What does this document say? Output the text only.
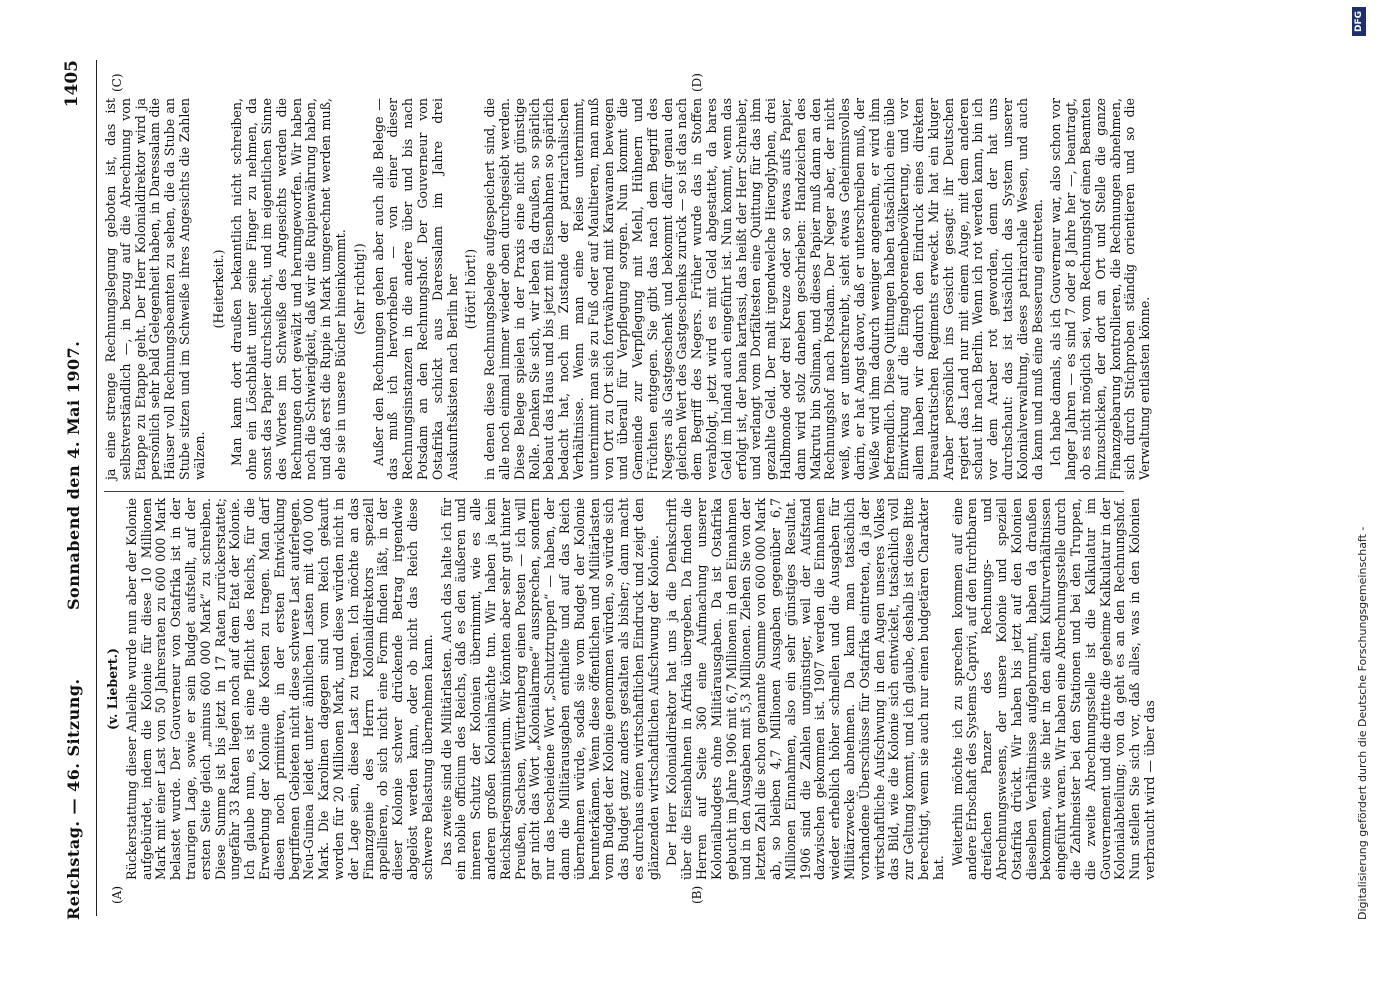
Reichstag. — 46. Sitzung.
Sonnabend den 4. Mai 1907.
1405
(A)	(B)
(C)	(D)

(v. Liebert.) Rückerstattung dieser Anleihe wurde nun aber der Kolonie aufgebürdet, indem die Kolonie für diese 10 Millionen Mark mit einer Last von 50 Jahresraten zu 600 000 Mark belastet wurde. Der Gouverneur von Ostafrika ist in der traurigen Lage, sowie er sein Budget aufstellt, auf der ersten Seite gleich „minus 600 000 Mark“ zu schreiben. Diese Summe ist bis jetzt in 17 Raten zurückerstattet; ungefähr 33 Raten liegen noch auf dem Etat der Kolonie. Ich glaube nun, es ist eine Pflicht des Reichs, für die Erwerbung der Kolonie die Kosten zu tragen. Man darf diesen noch primitiven, in der ersten Entwicklung begriffenen Gebieten nicht diese schwere Last auferlegen. Neu-Guinea leidet unter ähnlichen Lasten mit 400 000 Mark. Die Karolinen dagegen sind vom Reich gekauft worden für 20 Millionen Mark, und diese würden nicht in der Lage sein, diese Last zu tragen. Ich möchte an das Finanzgenie des Herrn Kolonialdirektors speziell appellieren, ob sich nicht eine Form finden läßt, in der dieser Kolonie schwer drückende Betrag irgendwie abgelöst werden kann, oder ob nicht das Reich diese schwere Belastung übernehmen kann. Das zweite sind die Militärlasten. Auch das halte ich für ein nobile officium des Reichs, daß es den äußeren und inneren Schutz der Kolonien übernimmt, wie es alle anderen großen Kolonialmächte tun. Wir haben ja kein Reichskriegsministerium. Wir könnten aber sehr gut hinter Preußen, Sachsen, Württemberg einen Posten — ich will gar nicht das Wort „Kolonialarmee“ aussprechen, sondern nur das bescheidene Wort „Schutztruppen“ — haben, der dann die Militärausgaben enthielte und auf das Reich übernehmen würde, sodaß sie vom Budget der Kolonie herunterkämen. Wenn diese öffentlichen und Militärlasten vom Budget der Kolonie genommen würden, so würde sich das Budget ganz anders gestalten als bisher; dann macht es durchaus einen wirtschaftlichen Eindruck und zeigt den glänzenden wirtschaftlichen Aufschwung der Kolonie. Der Herr Kolonialdirektor hat uns ja die Denkschrift über die Eisenbahnen in Afrika übergeben. Da finden die Herren auf Seite 360 eine Aufmachung unserer Kolonialbudgets ohne Militärausgaben. Da ist Ostafrika gebucht im Jahre 1906 mit 6,7 Millionen in den Einnahmen und in den Ausgaben mit 5,3 Millionen. Ziehen Sie von der letzten Zahl die schon genannte Summe von 600 000 Mark ab, so bleiben 4,7 Millionen Ausgaben gegenüber 6,7 Millionen Einnahmen, also ein sehr günstiges Resultat. 1906 sind die Zahlen ungünstiger, weil der Aufstand dazwischen gekommen ist. 1907 werden die Einnahmen wieder erheblich höher schnellen und die Ausgaben für Militärzwecke abnehmen. Da kann man tatsächlich vorhandene Überschüsse für Ostafrika eintreten, da ja der wirtschaftliche Aufschwung in den Augen unseres Volkes das Bild, wie die Kolonie sich entwickelt, tatsächlich voll zur Geltung kommt, und ich glaube, deshalb ist diese Bitte berechtigt, wenn sie auch nur einen budgetären Charakter hat.

Weiterhin möchte ich zu sprechen kommen auf eine andere Erbschaft des Systems Caprivi, auf den furchtbaren dreifachen Panzer des Rechnungs- und Abrechnungswesens, der unsere Kolonie und speziell Ostafrika drückt. Wir haben bis jetzt auf den Kolonien dieselben Verhältnisse aufgebrummt, haben da draußen bekommen, wie sie hier in den alten Kulturverhältnissen eingeführt waren. Wir haben eine Abrechnungsstelle durch die Zahlmeister bei den Stationen und bei den Truppen, die zweite Abrechnungsstelle ist die Kalkulatur im Gouvernement und die dritte die geheime Kalkulatur in der Kolonialabteilung; von da geht es an den Rechnungshof. Nun stellen Sie sich vor, daß alles, was in den Kolonien verbraucht wird — über das

ja eine strenge Rechnungslegung geboten ist, das ist selbstverständlich —, in bezug auf die Abrechnung von Etappe zu Etappe geht. Der Herr Kolonialdirektor wird ja persönlich sehr bald Gelegenheit haben, in Daressalam die Häuser voll Rechnungsbeamten zu sehen, die da Stube an Stube sitzen und im Schweiße ihres Angesichts die Zahlen wälzen.

(Heiterkeit.) Man kann dort draußen bekanntlich nicht schreiben, ohne ein Löschblatt unter seine Finger zu nehmen, da sonst das Papier durchschlecht, und im eigentlichen Sinne des Wortes im Schweiße des Angesichts werden die Rechnungen dort gewälzt und herumgeworfen. Wir haben noch die Schwierigkeit, daß wir die Rupienwährung haben, und daß erst die Rupie in Mark umgerechnet werden muß, ehe sie in unsere Bücher hineinkommt. (Sehr richtig!) Außer den Rechnungen gehen aber auch alle Belege — das muß ich hervorheben — von einer dieser Rechnungsinstanzen in die andere über und bis nach Potsdam an den Rechnungshof. Der Gouverneur von Ostafrika schickt aus Daressalam im Jahre drei Auskunftskisten nach Berlin her (Hört! hört!) in denen diese Rechnungsbelege aufgespeichert sind, die alle noch einmal immer wieder oben durchgesiebt werden. Diese Belege spielen in der Praxis eine nicht günstige Rolle. Denken Sie sich, wir leben da draußen, so spärlich bebaut das Haus und bis jetzt mit Eisenbahnen so spärlich bedacht hat, noch im Zustande der patriarchalischen Verhältnisse. Wenn man eine Reise unternimmt, unternimmt man sie zu Fuß oder auf Maultieren, man muß von Ort zu Ort sich fortwährend mit Karawanen bewegen und überall für Verpflegung sorgen. Nun kommt die Gemeinde zur Verpflegung mit Mehl, Hühnern und Früchten entgegen. Sie gibt das nach dem Begriff des Negers als Gastgeschenk und bekommt dafür genau den gleichen Wert des Gastgeschenks zurück — so ist das nach dem Begriff des Negers. Früher wurde das in Stoffen verabfolgt, jetzt wird es mit Geld abgestattet, da bares Geld im Inland auch eingeführt ist. Nun kommt, wenn das erfolgt ist, der bana kartassi, das heißt der Herr Schreiber, und verlangt vom Dorfältesten eine Quittung für das ihm gezahlte Geld. Der malt irgendwelche Hieroglyphen, drei Halbmonde oder drei Kreuze oder so etwas aufs Papier, dann wird stolz daneben geschrieben: Handzeichen des Makrutu bin Soliman, und dieses Papier muß dann an den Rechnungshof nach Potsdam. Der Neger aber, der nicht weiß, was er unterschreibt, sieht etwas Geheimnisvolles darin, er hat Angst davor, daß er unterschreiben muß, der Weiße wird ihm dadurch weniger angenehm, er wird ihm befremdlich. Diese Quittungen haben tatsächlich eine üble Einwirkung auf die Eingeborenenbevölkerung, und vor allem haben wir dadurch den Eindruck eines direkten bureaukratischen Regiments erweckt. Mir hat ein kluger Araber persönlich ins Gesicht gesagt: ihr Deutschen regiert das Land nur mit einem Auge, mit dem anderen schaut ihr nach Berlin. Wenn ich rot werden kann, bin ich vor dem Araber rot geworden, denn der hat uns durchschaut: das ist tatsächlich das System unserer Kolonialverwaltung, dieses patriarchale Wesen, und auch da kann und muß eine Besserung eintreten. Ich habe damals, als ich Gouverneur war, also schon vor langer Jahren — es sind 7 oder 8 Jahre her —, beantragt, ob es nicht möglich sei, vom Rechnungshof einen Beamten hinzuschicken, der dort an Ort und Stelle die ganze Finanzgebarung kontrollieren, die Rechnungen abnehmen, sich durch Stichproben ständig orientieren und so die Verwaltung entlasten könne.

Digitalisierung gefördert durch die Deutsche Forschungsgemeinschaft -
DFG
